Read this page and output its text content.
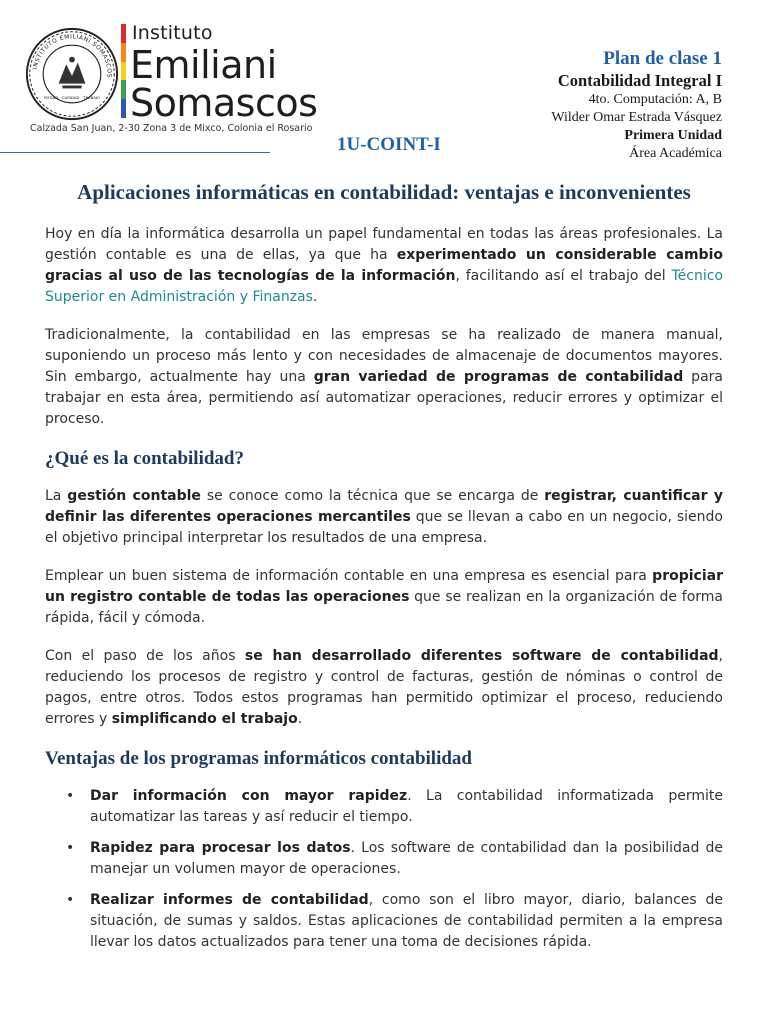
INSTITUTO EMILIANI SOMASCOS
PIEDAD · CARIDAD · TRABAJO
Instituto
Emiliani
Somascos
Calzada San Juan, 2-30 Zona 3 de Mixco, Colonia el Rosario
1U-COINT-I
Plan de clase 1
Contabilidad Integral I
4to. Computación: A, B
Wilder Omar Estrada Vásquez
Primera Unidad
Área Académica
Aplicaciones informáticas en contabilidad: ventajas e inconvenientes

Hoy en día la informática desarrolla un papel fundamental en todas las áreas profesionales. La gestión contable es una de ellas, ya que ha experimentado un considerable cambio gracias al uso de las tecnologías de la información, facilitando así el trabajo del Técnico Superior en Administración y Finanzas.

Tradicionalmente, la contabilidad en las empresas se ha realizado de manera manual, suponiendo un proceso más lento y con necesidades de almacenaje de documentos mayores. Sin embargo, actualmente hay una gran variedad de programas de contabilidad para trabajar en esta área, permitiendo así automatizar operaciones, reducir errores y optimizar el proceso.

¿Qué es la contabilidad?

La gestión contable se conoce como la técnica que se encarga de registrar, cuantificar y definir las diferentes operaciones mercantiles que se llevan a cabo en un negocio, siendo el objetivo principal interpretar los resultados de una empresa.

Emplear un buen sistema de información contable en una empresa es esencial para propiciar un registro contable de todas las operaciones que se realizan en la organización de forma rápida, fácil y cómoda.

Con el paso de los años se han desarrollado diferentes software de contabilidad, reduciendo los procesos de registro y control de facturas, gestión de nóminas o control de pagos, entre otros. Todos estos programas han permitido optimizar el proceso, reduciendo errores y simplificando el trabajo.

Ventajas de los programas informáticos contabilidad
• Dar información con mayor rapidez. La contabilidad informatizada permite automatizar las tareas y así reducir el tiempo.
• Rapidez para procesar los datos. Los software de contabilidad dan la posibilidad de manejar un volumen mayor de operaciones.
• Realizar informes de contabilidad, como son el libro mayor, diario, balances de situación, de sumas y saldos. Estas aplicaciones de contabilidad permiten a la empresa llevar los datos actualizados para tener una toma de decisiones rápida.
